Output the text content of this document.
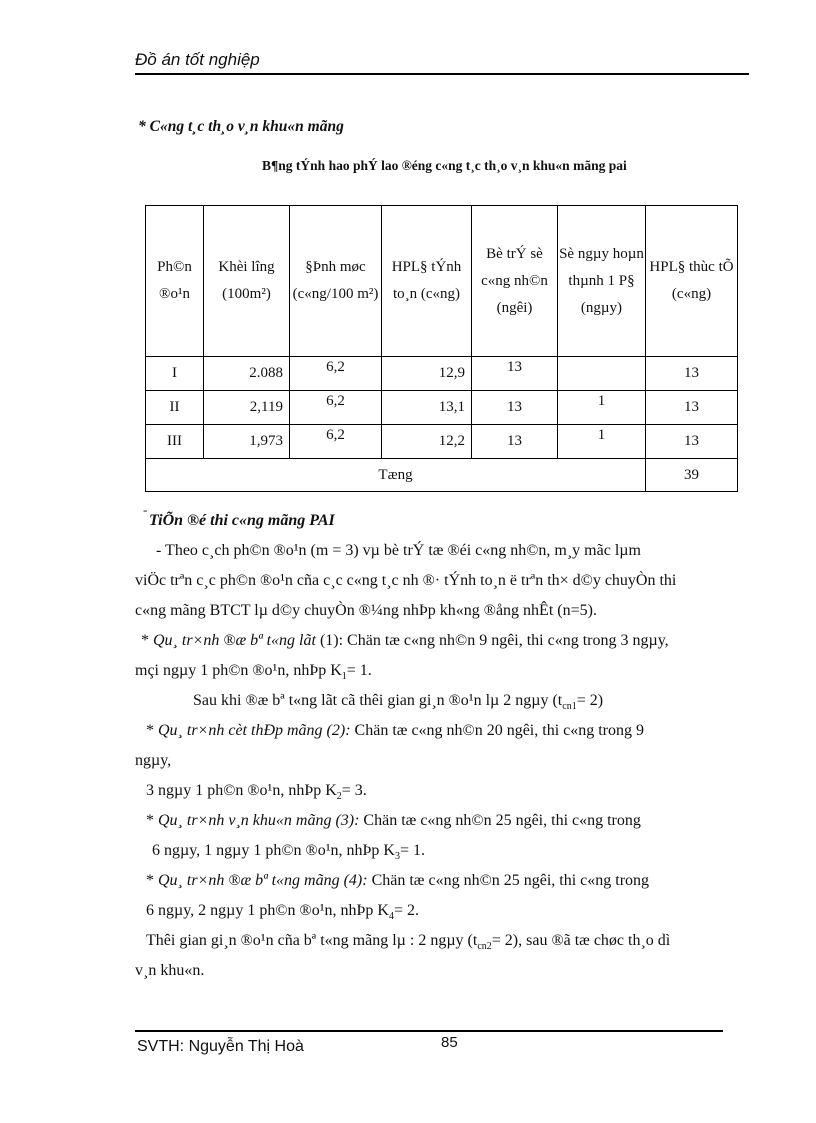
Đồ án tốt nghiệp
* C«ng t¸c th¸o v¸n khu«n mãng
B¶ng tÝnh hao phÝ lao ®éng c«ng t¸c th¸o v¸n khu«n mãng pai
Ph©n ®o¹n	Khèi lîng (100m²)	§Þnh møc (c«ng/100 m²)	HPL§ tÝnh to¸n (c«ng)	Bè trÝ sè c«ng nh©n (ngêi)	Sè ngµy hoµn thµnh 1 P§ (ngµy)	HPL§ thùc tÕ (c«ng)
I	2.088	6,2	12,9	13		13
II	2,119	6,2	13,1	13	1	13
III	1,973	6,2	12,2	13	1	13
Tæng						39
-
TiÕn ®é thi c«ng mãng PAI
- Theo c¸ch ph©n ®o¹n (m = 3) vµ bè trÝ tæ ®éi c«ng nh©n, m¸y mãc lµm
viÖc trªn c¸c ph©n ®o¹n cña c¸c c«ng t¸c nh ®· tÝnh to¸n ë trªn th× d©y chuyÒn thi
c«ng mãng BTCT lµ d©y chuyÒn ®¼ng nhÞp kh«ng ®ång nhÊt (n=5).
* Qu¸ tr×nh ®æ bª t«ng lãt (1): Chän tæ c«ng nh©n 9 ngêi, thi c«ng trong 3 ngµy,
mçi ngµy 1 ph©n ®o¹n, nhÞp $K_1= 1$.
Sau khi ®æ bª t«ng lãt cã thêi gian gi¸n ®o¹n lµ 2 ngµy $(t_{cn1}= 2)$
* Qu¸ tr×nh cèt thÐp mãng (2): Chän tæ c«ng nh©n 20 ngêi, thi c«ng trong 9
ngµy,
3 ngµy 1 ph©n ®o¹n, nhÞp $K_2= 3$.
* Qu¸ tr×nh v¸n khu«n mãng (3): Chän tæ c«ng nh©n 25 ngêi, thi c«ng trong
6 ngµy, 1 ngµy 1 ph©n ®o¹n, nhÞp $K_3= 1$.
* Qu¸ tr×nh ®æ bª t«ng mãng (4): Chän tæ c«ng nh©n 25 ngêi, thi c«ng trong
6 ngµy, 2 ngµy 1 ph©n ®o¹n, nhÞp $K_4= 2$.
Thêi gian gi¸n ®o¹n cña bª t«ng mãng lµ : 2 ngµy $(t_{cn2}= 2)$, sau ®ã tæ chøc th¸o dì
v¸n khu«n.
85
SVTH: Nguyễn Thị Hoà
